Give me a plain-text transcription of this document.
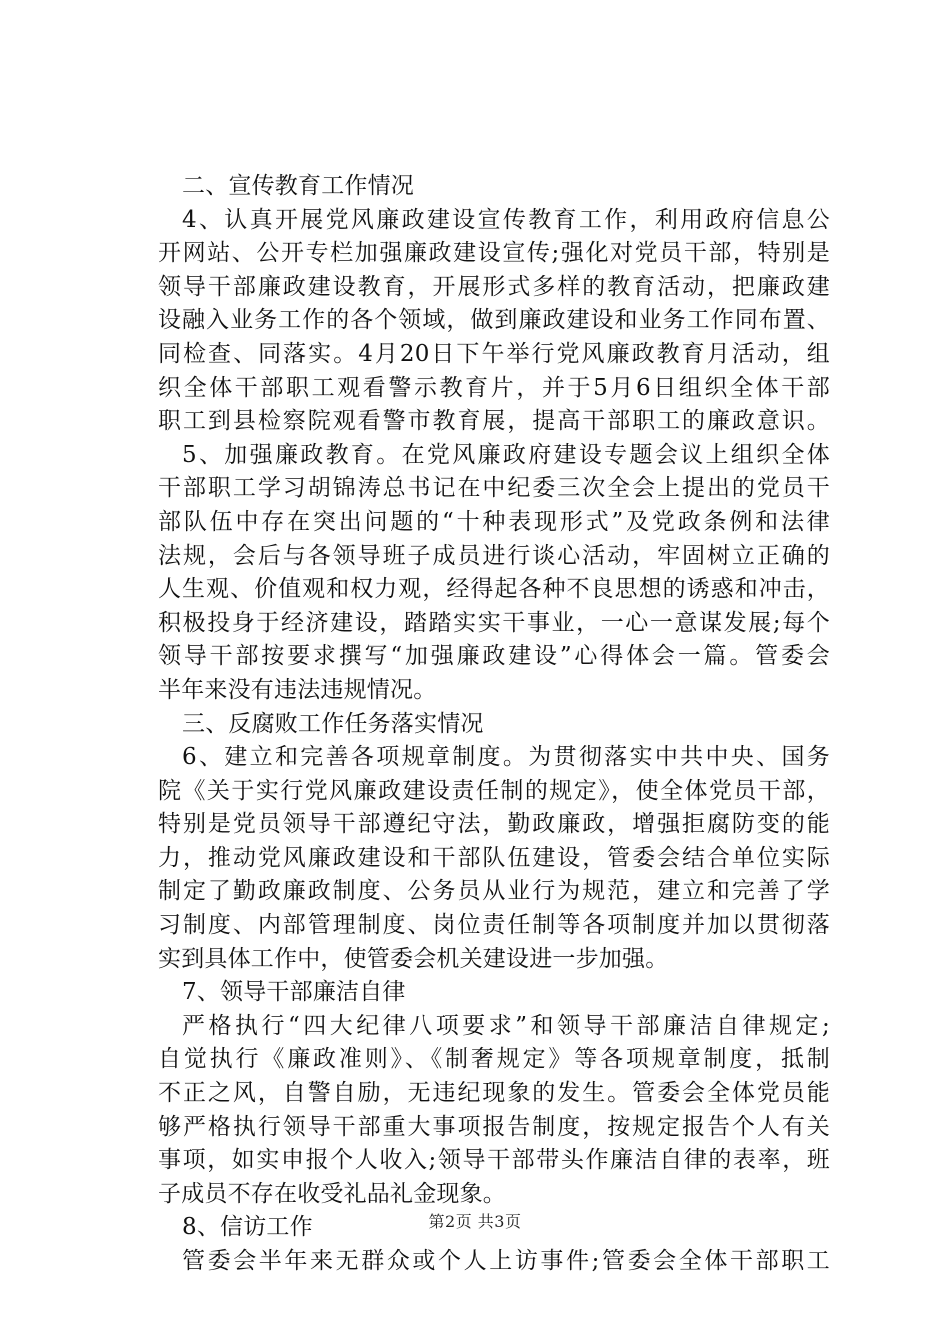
二、宣传教育工作情况
4、认真开展党风廉政建设宣传教育工作，利用政府信息公
开网站、公开专栏加强廉政建设宣传;强化对党员干部，特别是
领导干部廉政建设教育，开展形式多样的教育活动，把廉政建
设融入业务工作的各个领域，做到廉政建设和业务工作同布置、
同检查、同落实。4月20日下午举行党风廉政教育月活动，组
织全体干部职工观看警示教育片，并于5月6日组织全体干部
职工到县检察院观看警市教育展，提高干部职工的廉政意识。
5、加强廉政教育。在党风廉政府建设专题会议上组织全体
干部职工学习胡锦涛总书记在中纪委三次全会上提出的党员干
部队伍中存在突出问题的“十种表现形式”及党政条例和法律
法规，会后与各领导班子成员进行谈心活动，牢固树立正确的
人生观、价值观和权力观，经得起各种不良思想的诱惑和冲击，
积极投身于经济建设，踏踏实实干事业，一心一意谋发展;每个
领导干部按要求撰写“加强廉政建设”心得体会一篇。管委会
半年来没有违法违规情况。
三、反腐败工作任务落实情况
6、建立和完善各项规章制度。为贯彻落实中共中央、国务
院《关于实行党风廉政建设责任制的规定》，使全体党员干部，
特别是党员领导干部遵纪守法，勤政廉政，增强拒腐防变的能
力，推动党风廉政建设和干部队伍建设，管委会结合单位实际
制定了勤政廉政制度、公务员从业行为规范，建立和完善了学
习制度、内部管理制度、岗位责任制等各项制度并加以贯彻落
实到具体工作中，使管委会机关建设进一步加强。
7、领导干部廉洁自律
严格执行“四大纪律八项要求”和领导干部廉洁自律规定;
自觉执行《廉政准则》、《制奢规定》等各项规章制度，抵制
不正之风，自警自励，无违纪现象的发生。管委会全体党员能
够严格执行领导干部重大事项报告制度，按规定报告个人有关
事项，如实申报个人收入;领导干部带头作廉洁自律的表率，班
子成员不存在收受礼品礼金现象。
8、信访工作
管委会半年来无群众或个人上访事件;管委会全体干部职工
第2页 共3页
